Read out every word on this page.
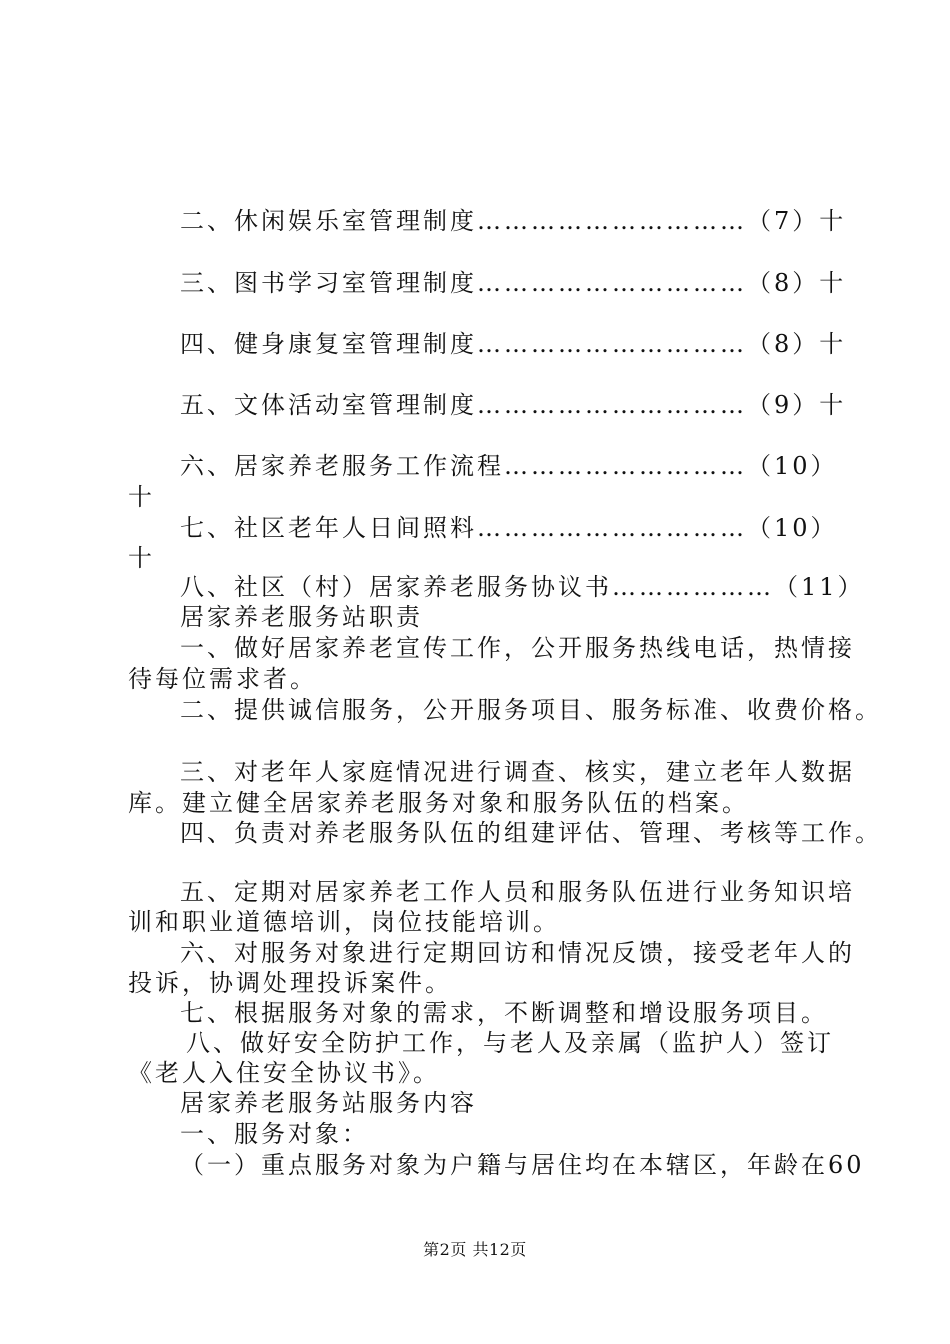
二、休闲娱乐室管理制度…………………………（7）十
三、图书学习室管理制度…………………………（8）十
四、健身康复室管理制度…………………………（8）十
五、文体活动室管理制度…………………………（9）十
六、居家养老服务工作流程………………………（10）
十
七、社区老年人日间照料…………………………（10）
十
八、社区（村）居家养老服务协议书………………（11）
居家养老服务站职责
一、做好居家养老宣传工作，公开服务热线电话，热情接
待每位需求者。
二、提供诚信服务，公开服务项目、服务标准、收费价格。
三、对老年人家庭情况进行调查、核实，建立老年人数据
库。建立健全居家养老服务对象和服务队伍的档案。
四、负责对养老服务队伍的组建评估、管理、考核等工作。
五、定期对居家养老工作人员和服务队伍进行业务知识培
训和职业道德培训，岗位技能培训。
六、对服务对象进行定期回访和情况反馈，接受老年人的
投诉，协调处理投诉案件。
七、根据服务对象的需求，不断调整和增设服务项目。
八、做好安全防护工作，与老人及亲属（监护人）签订
《老人入住安全协议书》。
居家养老服务站服务内容
一、服务对象：
（一）重点服务对象为户籍与居住均在本辖区，年龄在60
第2页 共12页
